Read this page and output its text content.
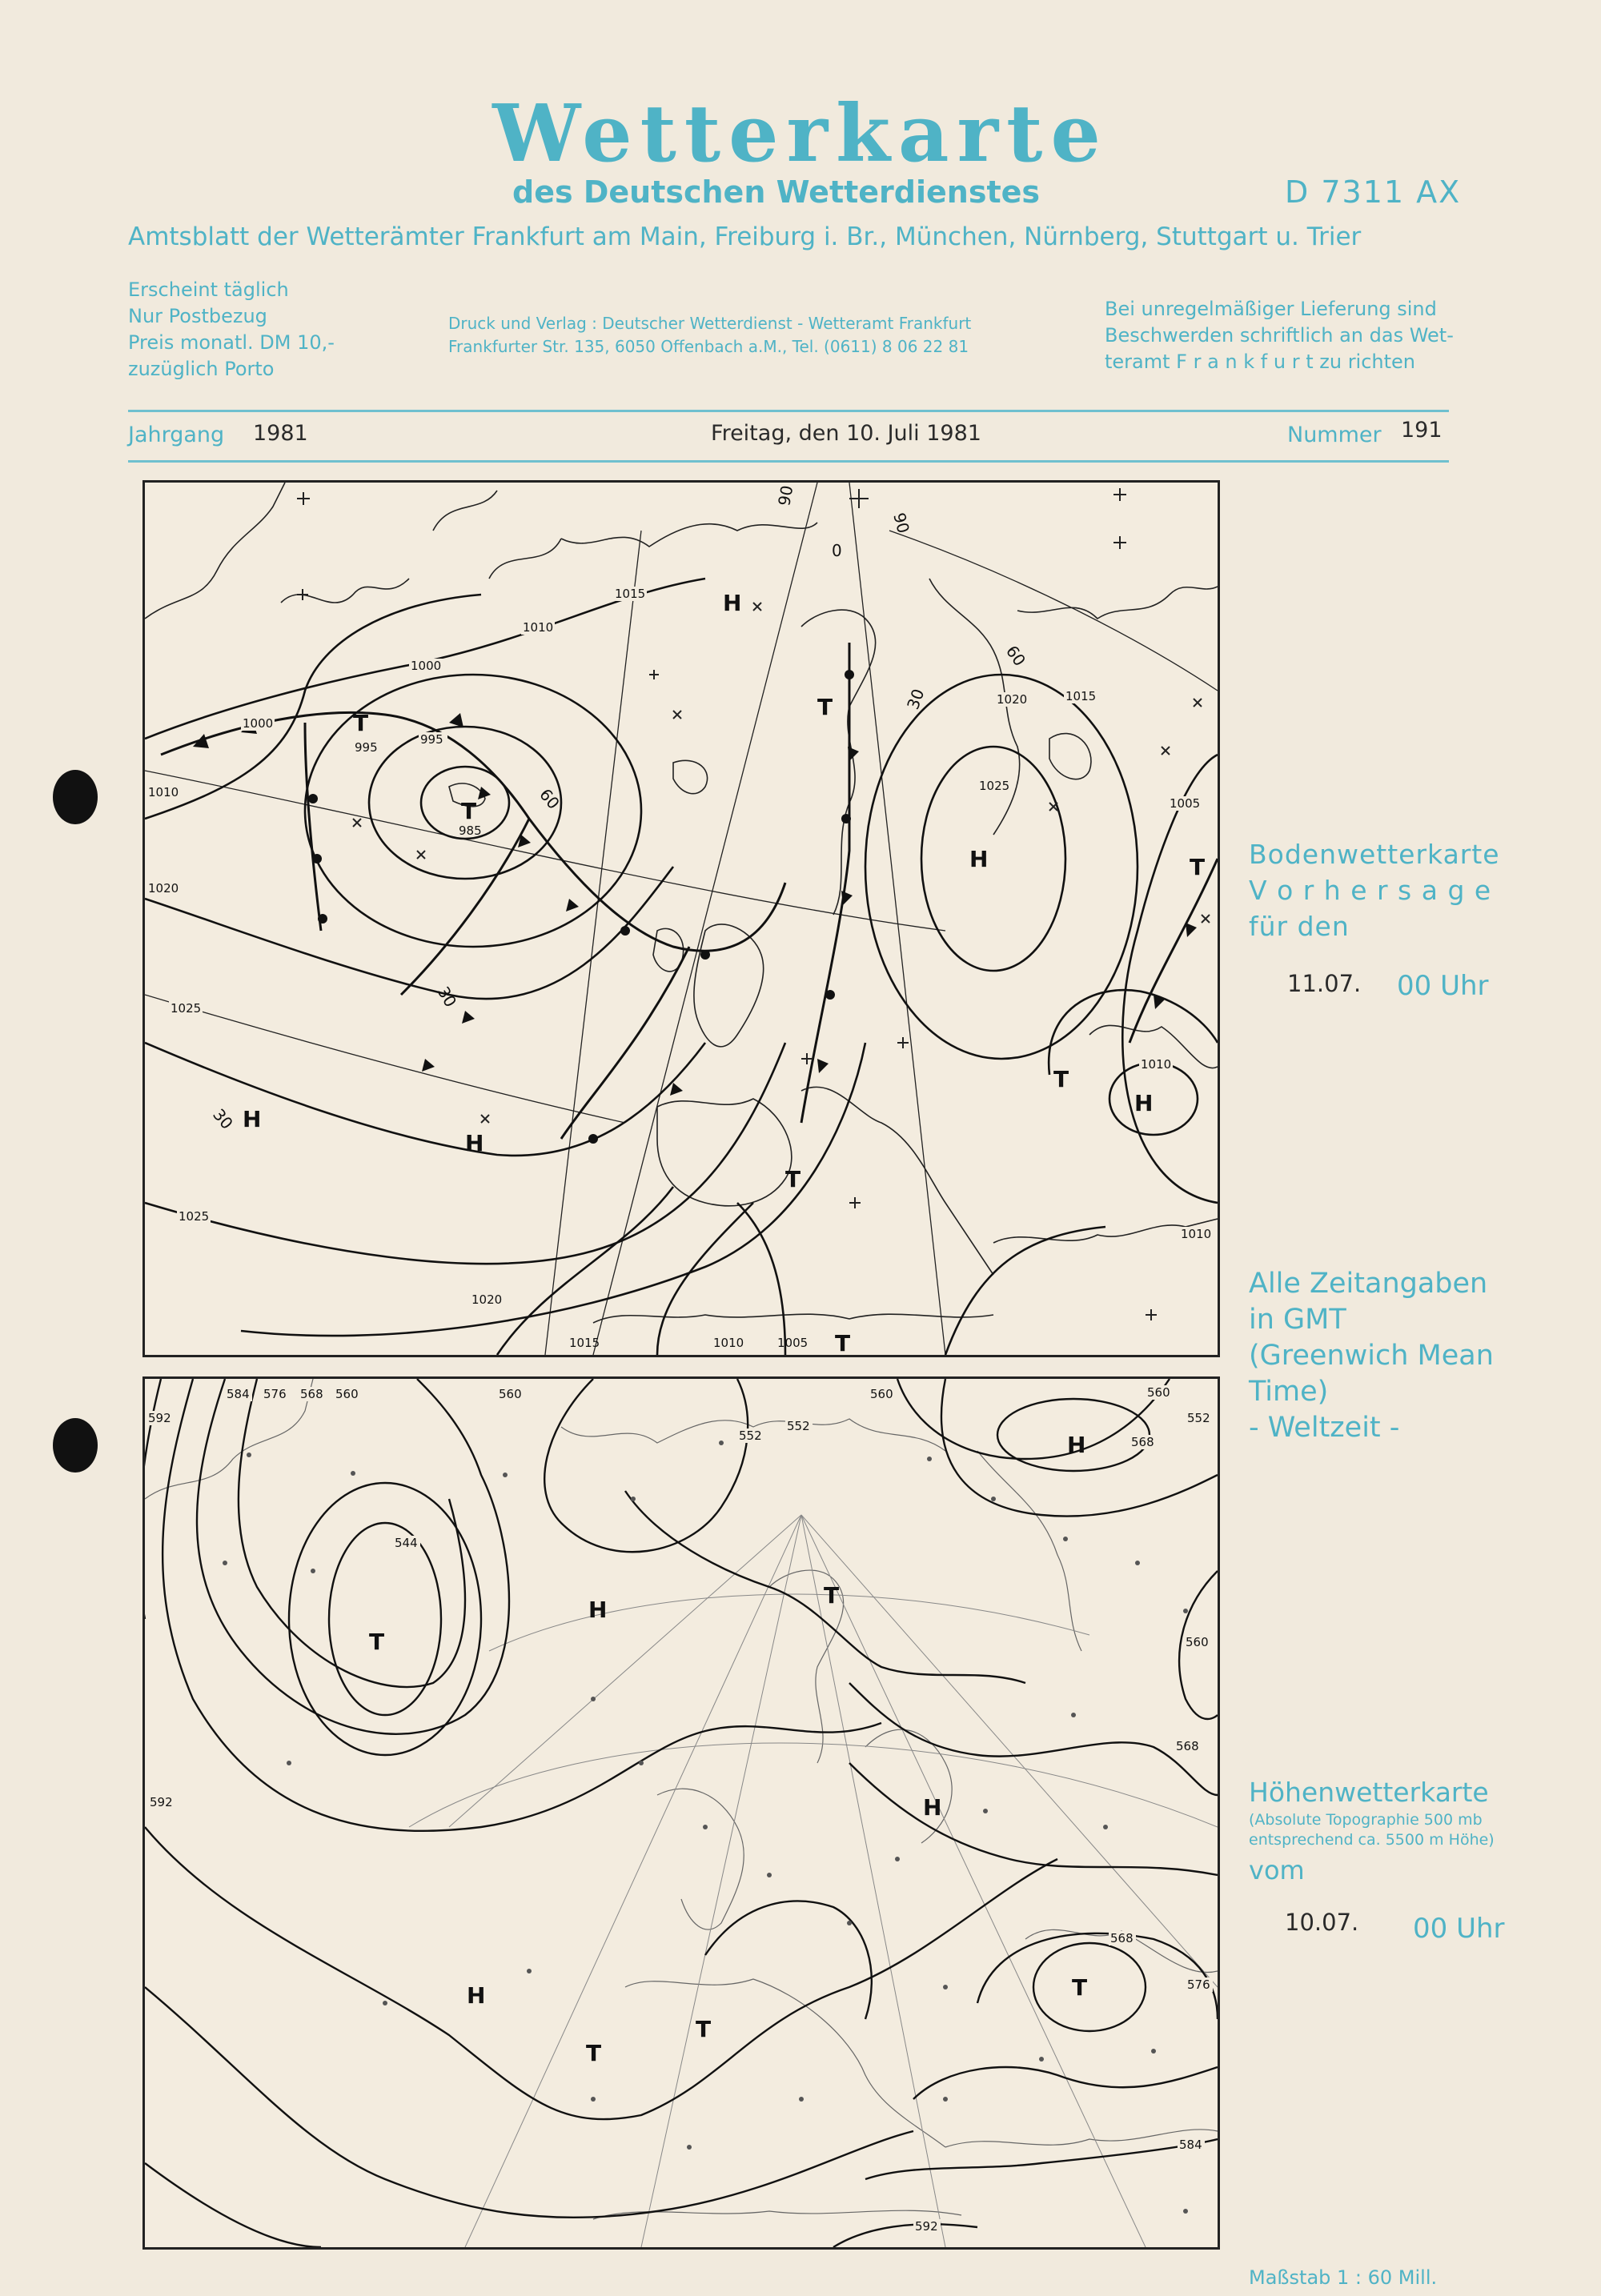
Wetterkarte
des Deutschen Wetterdienstes	D 7311 AX
Amtsblatt der Wetterämter Frankfurt am Main, Freiburg i. Br., München, Nürnberg, Stuttgart u. Trier
Erscheint täglich
Nur Postbezug
Preis monatl. DM 10,-
zuzüglich Porto
Druck und Verlag : Deutscher Wetterdienst - Wetteramt Frankfurt
Frankfurter Str. 135, 6050 Offenbach a.M., Tel. (0611) 8 06 22 81
Bei unregelmäßiger Lieferung sind
Beschwerden schriftlich an das Wet-
teramt F r a n k f u r t zu richten
Jahrgang 1981	Freitag, den 10. Juli 1981	Nummer 191
1015
1010
1000
1000
995
995
985
1010
1020
1025
1025
1020
1015	1010	1005
1020	1015
1025
1005
1010
1010
90
90
0
60
60
30
30
30
H
H
H
H
H
T
T
T
T
T
T
T
592
584 576 568 560	560	560	560
552
568
552
544
592
560
568
568
576
584
592
552
T
T
T
T
T
H
H
H
H
Bodenwetterkarte
V o r h e r s a g e
für den
11.07. 00 Uhr
Alle Zeitangaben
in GMT
(Greenwich Mean
Time)
- Weltzeit -
Höhenwetterkarte
(Absolute Topographie 500 mb
entsprechend ca. 5500 m Höhe)
vom
10.07. 00 Uhr
Maßstab 1 : 60 Mill.
